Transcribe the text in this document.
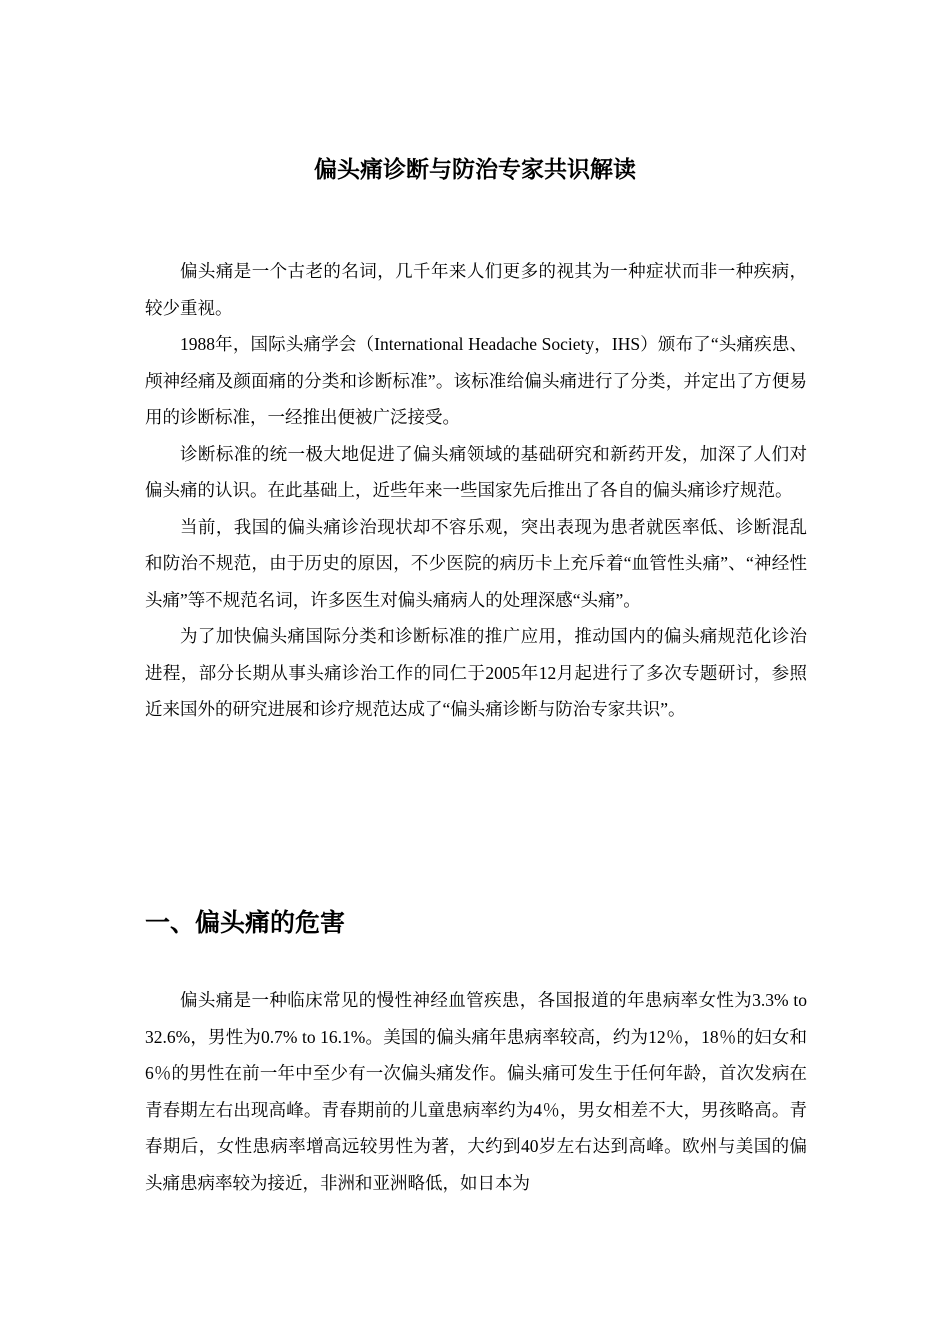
偏头痛诊断与防治专家共识解读

偏头痛是一个古老的名词，几千年来人们更多的视其为一种症状而非一种疾病，较少重视。

1988年，国际头痛学会（International Headache Society，IHS）颁布了“头痛疾患、颅神经痛及颜面痛的分类和诊断标准”。该标准给偏头痛进行了分类，并定出了方便易用的诊断标准，一经推出便被广泛接受。

诊断标准的统一极大地促进了偏头痛领域的基础研究和新药开发，加深了人们对偏头痛的认识。在此基础上，近些年来一些国家先后推出了各自的偏头痛诊疗规范。

当前，我国的偏头痛诊治现状却不容乐观，突出表现为患者就医率低、诊断混乱和防治不规范，由于历史的原因，不少医院的病历卡上充斥着“血管性头痛”、“神经性头痛”等不规范名词，许多医生对偏头痛病人的处理深感“头痛”。

为了加快偏头痛国际分类和诊断标准的推广应用，推动国内的偏头痛规范化诊治进程，部分长期从事头痛诊治工作的同仁于2005年12月起进行了多次专题研讨，参照近来国外的研究进展和诊疗规范达成了“偏头痛诊断与防治专家共识”。

一、偏头痛的危害

偏头痛是一种临床常见的慢性神经血管疾患，各国报道的年患病率女性为3.3% to 32.6%，男性为0.7% to 16.1%。美国的偏头痛年患病率较高，约为12％，18％的妇女和6％的男性在前一年中至少有一次偏头痛发作。偏头痛可发生于任何年龄，首次发病在青春期左右出现高峰。青春期前的儿童患病率约为4％，男女相差不大，男孩略高。青春期后，女性患病率增高远较男性为著，大约到40岁左右达到高峰。欧州与美国的偏头痛患病率较为接近，非洲和亚洲略低，如日本为
